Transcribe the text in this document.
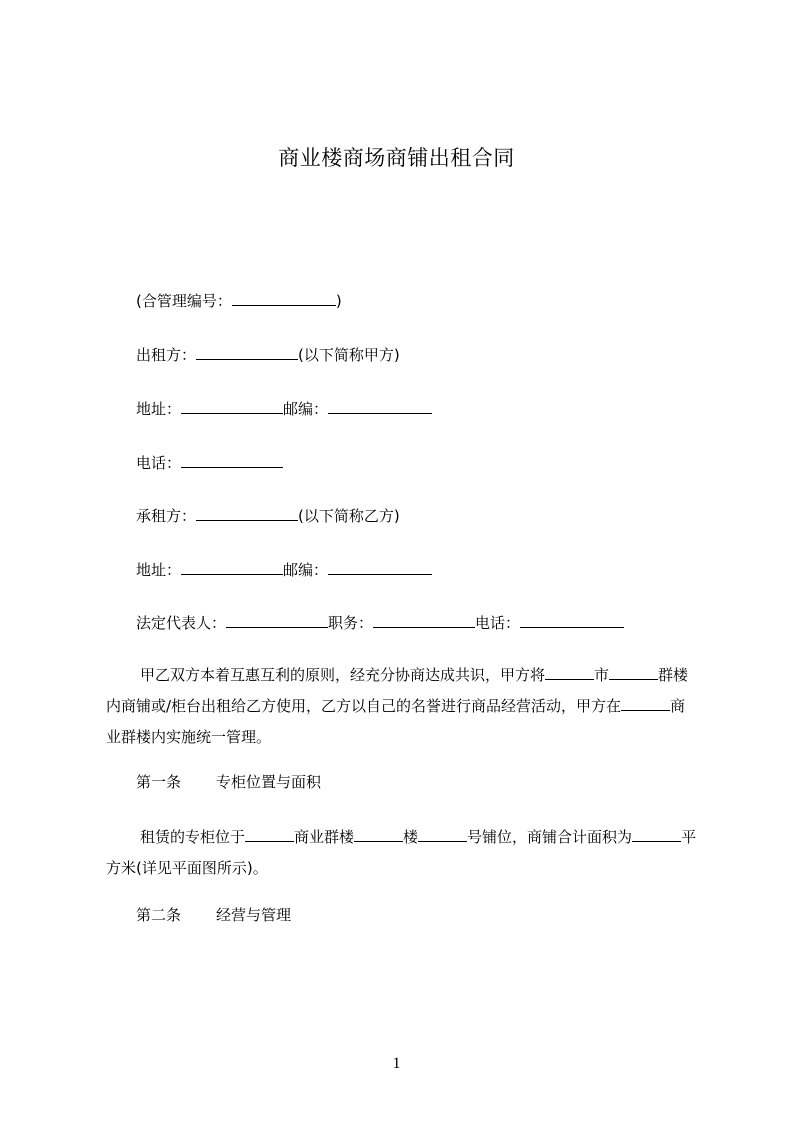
商业楼商场商铺出租合同
(合管理编号：	)
出租方：	(以下简称甲方)
地址：	邮编：
电话：
承租方：	(以下简称乙方)
地址：	邮编：
法定代表人：	职务：	电话：
甲乙双方本着互惠互利的原则，经充分协商达成共识，甲方将	市	群楼内商铺或/柜台出租给乙方使用，乙方以自己的名誉进行商品经营活动，甲方在	商业群楼内实施统一管理。
第一条 专柜位置与面积
租赁的专柜位于	商业群楼	楼	号铺位，商铺合计面积为	平方米(详见平面图所示)。
第二条 经营与管理
1
